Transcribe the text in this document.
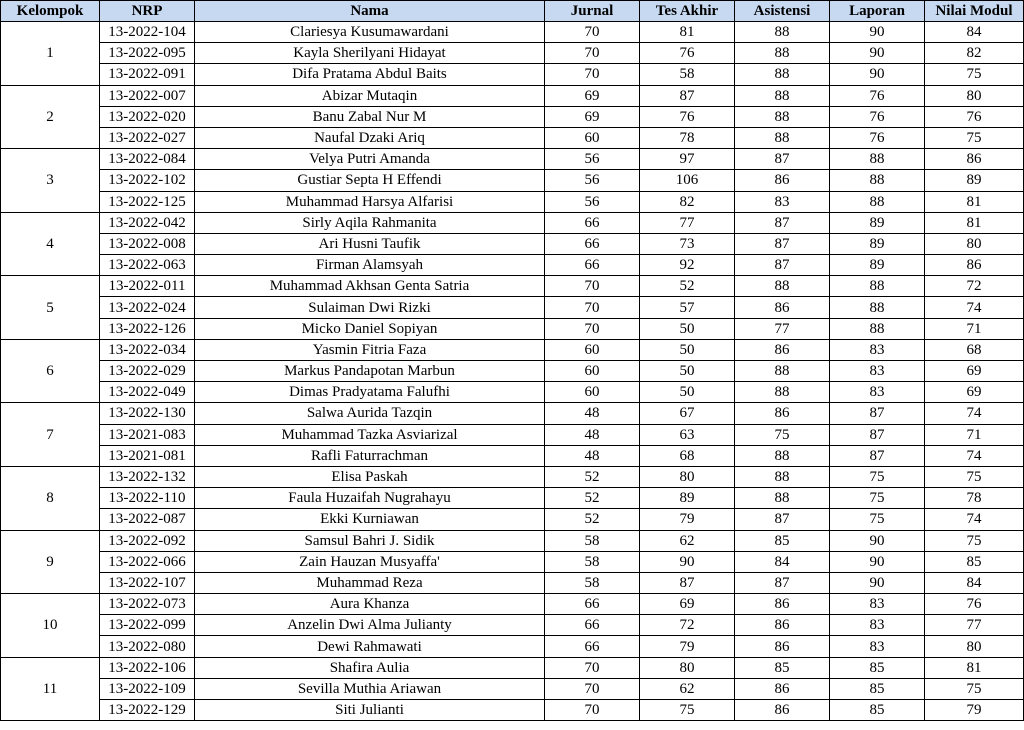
Kelompok	NRP	Nama	Jurnal	Tes Akhir	Asistensi	Laporan	Nilai Modul
1	13-2022-104	Clariesya Kusumawardani	70	81	88	90	84
	13-2022-095	Kayla Sherilyani Hidayat	70	76	88	90	82
	13-2022-091	Difa Pratama Abdul Baits	70	58	88	90	75
2	13-2022-007	Abizar Mutaqin	69	87	88	76	80
	13-2022-020	Banu Zabal Nur M	69	76	88	76	76
	13-2022-027	Naufal Dzaki Ariq	60	78	88	76	75
3	13-2022-084	Velya Putri Amanda	56	97	87	88	86
	13-2022-102	Gustiar Septa H Effendi	56	106	86	88	89
	13-2022-125	Muhammad Harsya Alfarisi	56	82	83	88	81
4	13-2022-042	Sirly Aqila Rahmanita	66	77	87	89	81
	13-2022-008	Ari Husni Taufik	66	73	87	89	80
	13-2022-063	Firman Alamsyah	66	92	87	89	86
5	13-2022-011	Muhammad Akhsan Genta Satria	70	52	88	88	72
	13-2022-024	Sulaiman Dwi Rizki	70	57	86	88	74
	13-2022-126	Micko Daniel Sopiyan	70	50	77	88	71
6	13-2022-034	Yasmin Fitria Faza	60	50	86	83	68
	13-2022-029	Markus Pandapotan Marbun	60	50	88	83	69
	13-2022-049	Dimas Pradyatama Falufhi	60	50	88	83	69
7	13-2022-130	Salwa Aurida Tazqin	48	67	86	87	74
	13-2021-083	Muhammad Tazka Asviarizal	48	63	75	87	71
	13-2021-081	Rafli Faturrachman	48	68	88	87	74
8	13-2022-132	Elisa Paskah	52	80	88	75	75
	13-2022-110	Faula Huzaifah Nugrahayu	52	89	88	75	78
	13-2022-087	Ekki Kurniawan	52	79	87	75	74
9	13-2022-092	Samsul Bahri J. Sidik	58	62	85	90	75
	13-2022-066	Zain Hauzan Musyaffa'	58	90	84	90	85
	13-2022-107	Muhammad Reza	58	87	87	90	84
10	13-2022-073	Aura Khanza	66	69	86	83	76
	13-2022-099	Anzelin Dwi Alma Julianty	66	72	86	83	77
	13-2022-080	Dewi Rahmawati	66	79	86	83	80
11	13-2022-106	Shafira Aulia	70	80	85	85	81
	13-2022-109	Sevilla Muthia Ariawan	70	62	86	85	75
	13-2022-129	Siti Julianti	70	75	86	85	79
